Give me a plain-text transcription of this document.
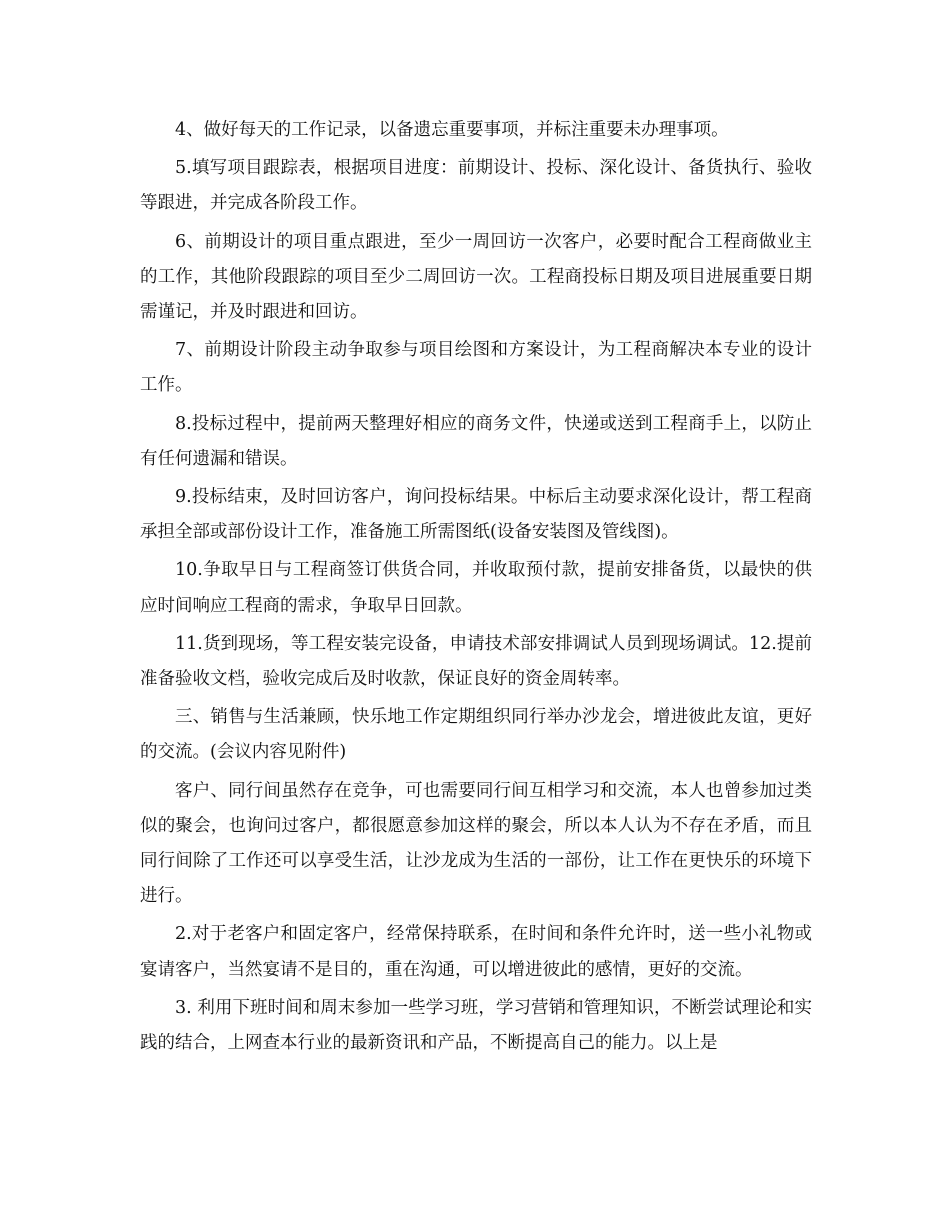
4、做好每天的工作记录，以备遗忘重要事项，并标注重要未办理事项。

5.填写项目跟踪表，根据项目进度：前期设计、投标、深化设计、备货执行、验收等跟进，并完成各阶段工作。

6、前期设计的项目重点跟进，至少一周回访一次客户，必要时配合工程商做业主的工作，其他阶段跟踪的项目至少二周回访一次。工程商投标日期及项目进展重要日期需谨记，并及时跟进和回访。

7、前期设计阶段主动争取参与项目绘图和方案设计，为工程商解决本专业的设计工作。

8.投标过程中，提前两天整理好相应的商务文件，快递或送到工程商手上，以防止有任何遗漏和错误。

9.投标结束，及时回访客户，询问投标结果。中标后主动要求深化设计，帮工程商承担全部或部份设计工作，准备施工所需图纸(设备安装图及管线图)。

10.争取早日与工程商签订供货合同，并收取预付款，提前安排备货，以最快的供应时间响应工程商的需求，争取早日回款。

11.货到现场，等工程安装完设备，申请技术部安排调试人员到现场调试。12.提前准备验收文档，验收完成后及时收款，保证良好的资金周转率。

三、销售与生活兼顾，快乐地工作定期组织同行举办沙龙会，增进彼此友谊，更好的交流。(会议内容见附件)

客户、同行间虽然存在竞争，可也需要同行间互相学习和交流，本人也曾参加过类似的聚会，也询问过客户，都很愿意参加这样的聚会，所以本人认为不存在矛盾，而且同行间除了工作还可以享受生活，让沙龙成为生活的一部份，让工作在更快乐的环境下进行。

2.对于老客户和固定客户，经常保持联系，在时间和条件允许时，送一些小礼物或宴请客户，当然宴请不是目的，重在沟通，可以增进彼此的感情，更好的交流。

3. 利用下班时间和周末参加一些学习班，学习营销和管理知识，不断尝试理论和实践的结合，上网查本行业的最新资讯和产品，不断提高自己的能力。以上是
